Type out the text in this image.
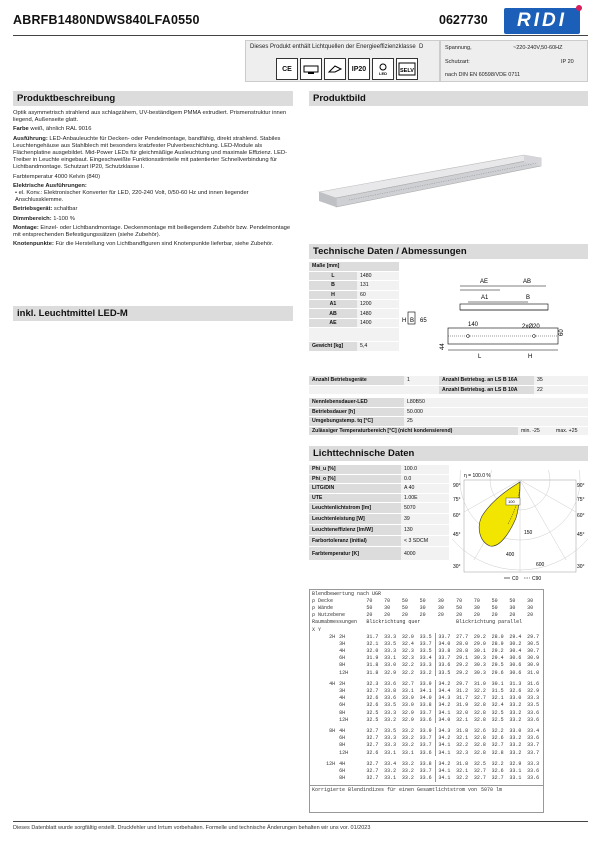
ABRFB1480NDWS840LFA0550	0627730	RIDI
Dieses Produkt enthält Lichtquellen der Energieeffizienzklasse D
CE	IP20
LED SELV
Spannung,	~220-240V,50-60HZ
Schutzart:	IP 20
nach DIN EN 60598/VDE 0711
Produktbeschreibung	Produktbild

Optik asymmetrisch strahlend aus schlagzähem, UV-beständigem PMMA extrudiert. Prismenstruktur innen liegend, Außenseite glatt.

Farbe weiß, ähnlich RAL 9016

Ausführung: LED-Anbauleuchte für Decken- oder Pendelmontage, bandfähig, direkt strahlend. Stabiles Leuchtengehäuse aus Stahlblech mit besonders kratzfester Pulverbeschichtung. LED-Module als Flächenplatine ausgebildet. Mid-Power LEDs für gleichmäßige Ausleuchtung und maximale Effizienz. LED-Treiber in Leuchte eingebaut. Eingeschweißte Funktionsstirnteile mit patentierter Schnellverbindung für Lichtbandmontage. Schutzart IP20, Schutzklasse I.

Farbtemperatur 4000 Kelvin (840)

Elektrische Ausführungen:

• el. Konv.: Elektronischer Konverter für LED, 220-240 Volt, 0/50-60 Hz und innen liegender Anschlussklemme.

Betriebsgerät: schaltbar

Dimmbereich: 1-100 %

Montage: Einzel- oder Lichtbandmontage. Deckenmontage mit beiliegendem Zubehör bzw. Pendelmontage mit entsprechenden Befestigungssätzen (siehe Zubehör).

Knotenpunkte: Für die Herstellung von Lichtbandfiguren sind Knotenpunkte lieferbar, siehe Zubehör.

inkl. Leuchtmittel LED-M
Technische Daten / Abmessungen
Maße [mm]	
L	1480
B	131
H	60
A1	1200
AB	1480
AE	1400

Gewicht [kg]	5,4
AE	AB
A1	B
H B 65
140	2xØ20
60
44
L	H
Anzahl Betriebsgeräte	1	Anzahl Betriebsg. an LS B 16A	35
		Anzahl Betriebsg. an LS B 10A	22
Nennlebensdauer-LED	L80B50		
Betriebsdauer [h]	50.000		
Umgebungstemp. tq [°C]	25		
Zulässiger Temperaturbereich [°C] (nicht kondensierend)		min. -25	max. +25
Lichttechnische Daten
Phi_u [%]	100.0
Phi_o [%]	0.0
LITG/DIN	A 40
UTE	1.00E
Leuchtenlichtstrom [lm]	5070
Leuchtenleistung [W]	39
Leuchteneffizienz [lm/W]	130
Farbortoleranz (initial)	< 3 SDCM
Farbtemperatur [K]	4000
η = 100.0 %
100
90°	90°
75°	75°
60°	60°
45°	45°
30°	30°
150
400
600
C0	C90
Blendbewertung nach UGR											
ρ Decke		70	70	50	50	30	70	70	50	50	30
ρ Wände		50	30	50	30	30	50	30	50	30	30
ρ Nutzebene		20	20	20	20	20	20	20	20	20	20
Raumabmessungen		Blickrichtung quer					Blickrichtung parallel				
X Y											
2H	2H	31.7	33.3	32.0	33.5	33.7	27.7	29.2	28.0	29.4	29.7
	3H	32.1	33.5	32.4	33.7	34.0	28.0	29.0	28.9	30.2	30.5
	4H	32.0	33.3	32.3	33.5	33.8	28.8	30.1	29.2	30.4	30.7
	6H	31.9	33.1	32.3	33.4	33.7	29.1	30.3	29.4	30.6	30.9
	8H	31.8	33.0	32.2	33.3	33.6	29.2	30.3	29.5	30.6	30.9
	12H	31.8	32.9	32.2	33.2	33.5	29.2	30.3	29.6	30.6	31.0

4H	2H	32.3	33.6	32.7	33.9	34.2	29.7	31.0	30.1	31.3	31.6
	3H	32.7	33.8	33.1	34.1	34.4	31.2	32.2	31.5	32.6	32.9
	4H	32.6	33.6	33.0	34.0	34.3	31.7	32.7	32.1	33.0	33.3
	6H	32.6	33.5	33.0	33.8	34.2	31.9	32.8	32.4	33.2	33.5
	8H	32.5	33.3	32.9	33.7	34.1	32.0	32.8	32.5	33.2	33.6
	12H	32.5	33.2	32.9	33.6	34.0	32.1	32.8	32.5	33.2	33.6

8H	4H	32.7	33.5	33.2	33.9	34.3	31.8	32.6	32.2	33.0	33.4
	6H	32.7	33.3	33.2	33.7	34.2	32.1	32.8	32.6	33.2	33.6
	8H	32.7	33.3	33.2	33.7	34.1	32.2	32.8	32.7	33.2	33.7
	12H	32.6	33.1	33.1	33.6	34.1	32.3	32.8	32.8	33.2	33.7

12H	4H	32.7	33.4	33.2	33.8	34.2	31.8	32.5	32.2	32.9	33.3
	6H	32.7	33.2	33.2	33.7	34.1	32.1	32.7	32.6	33.1	33.6
	8H	32.7	33.1	33.2	33.6	34.1	32.2	32.7	32.7	33.1	33.6

Korrigierte Blendindizes für einen Gesamtlichtstrom von 5070 lm											
Dieses Datenblatt wurde sorgfältig erstellt. Druckfehler und Irrtum vorbehalten. Formelle und technische Änderungen behalten wir uns vor. 01/2023
